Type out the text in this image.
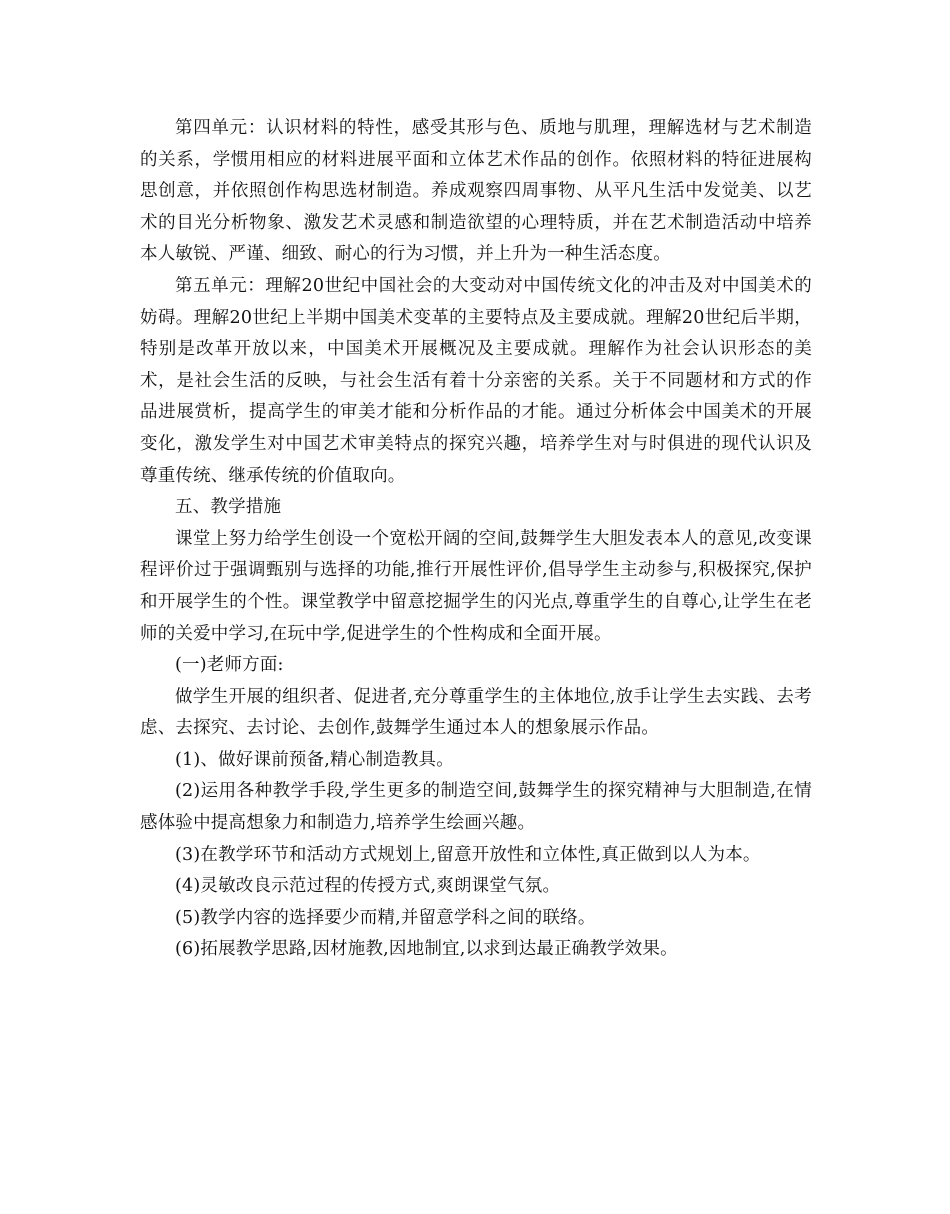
第四单元：认识材料的特性，感受其形与色、质地与肌理，理解选材与艺术制造的关系，学惯用相应的材料进展平面和立体艺术作品的创作。依照材料的特征进展构思创意，并依照创作构思选材制造。养成观察四周事物、从平凡生活中发觉美、以艺术的目光分析物象、激发艺术灵感和制造欲望的心理特质，并在艺术制造活动中培养本人敏锐、严谨、细致、耐心的行为习惯，并上升为一种生活态度。

第五单元：理解20世纪中国社会的大变动对中国传统文化的冲击及对中国美术的妨碍。理解20世纪上半期中国美术变革的主要特点及主要成就。理解20世纪后半期，特别是改革开放以来，中国美术开展概况及主要成就。理解作为社会认识形态的美术，是社会生活的反映，与社会生活有着十分亲密的关系。关于不同题材和方式的作品进展赏析，提高学生的审美才能和分析作品的才能。通过分析体会中国美术的开展变化，激发学生对中国艺术审美特点的探究兴趣，培养学生对与时俱进的现代认识及尊重传统、继承传统的价值取向。

五、教学措施

课堂上努力给学生创设一个宽松开阔的空间,鼓舞学生大胆发表本人的意见,改变课程评价过于强调甄别与选择的功能,推行开展性评价,倡导学生主动参与,积极探究,保护和开展学生的个性。课堂教学中留意挖掘学生的闪光点,尊重学生的自尊心,让学生在老师的关爱中学习,在玩中学,促进学生的个性构成和全面开展。

(一)老师方面:

做学生开展的组织者、促进者,充分尊重学生的主体地位,放手让学生去实践、去考虑、去探究、去讨论、去创作,鼓舞学生通过本人的想象展示作品。

(1)、做好课前预备,精心制造教具。

(2)运用各种教学手段,学生更多的制造空间,鼓舞学生的探究精神与大胆制造,在情感体验中提高想象力和制造力,培养学生绘画兴趣。

(3)在教学环节和活动方式规划上,留意开放性和立体性,真正做到以人为本。

(4)灵敏改良示范过程的传授方式,爽朗课堂气氛。

(5)教学内容的选择要少而精,并留意学科之间的联络。

(6)拓展教学思路,因材施教,因地制宜,以求到达最正确教学效果。
